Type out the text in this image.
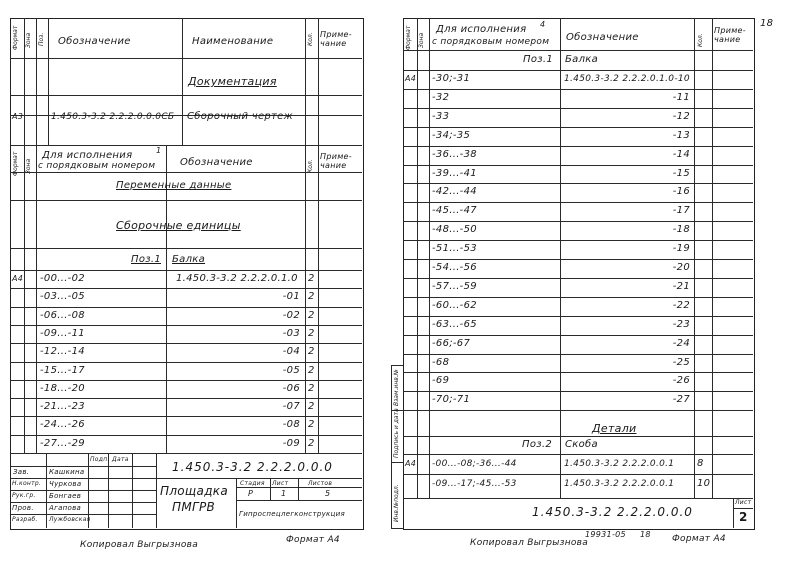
Формат Зона Поз. Обозначение	Наименование	Кол. Приме-
чание
Документация
А3	1.450.3-3.2 2.2.2.0.0.0СБ Сборочный чертеж
Формат Зона
Для исполнения	1
с порядковым номером Обозначение	Кол.
Приме-
чание
Переменные данные
Сборочные единицы
Поз.1 Балка
А4 -00...-02	1.450.3-3.2 2.2.2.0.1.0 2
-03...-05	-01 2
-06...-08	-02 2
-09...-11	-03 2
-12...-14	-04 2
-15...-17	-05 2
-18...-20	-06 2
-21...-23	-07 2
-24...-26	-08 2
-27...-29	-09 2
1.450.3-3.2 2.2.2.0.0.0
Стадия Лист	Листов
Р	1	5
Гипроспецлегконструкция
Площадка
ПМГРВ
Зав.	Кашкина
Н.контр. Чуркова
Рук.гр. Бонгаев
Пров. Агапова
Разраб. Лужбовская
Подп. Дата
Копировал Выгрызнова	Формат А4
18
Взам.инв.№
Подпись и дата
Инв.№подл.
Формат Зона
Для исполнения 4
с порядковым номером Обозначение	Кол.
Приме-
чание
Поз.1 Балка
А4 -30;-31	1.450.3-3.2 2.2.2.0.1.0-10
-32	-11
-33	-12
-34;-35	-13
-36...-38	-14
-39...-41	-15
-42...-44	-16
-45...-47	-17
-48...-50	-18
-51...-53	-19
-54...-56	-20
-57...-59	-21
-60...-62	-22
-63...-65	-23
-66;-67	-24
-68	-25
-69	-26
-70;-71	-27
Детали
Поз.2 Скоба
А4 -00...-08;-36...-44	1.450.3-3.2 2.2.2.0.0.1 8
-09...-17;-45...-53	1.450.3-3.2 2.2.2.0.0.1 10
1.450.3-3.2 2.2.2.0.0.0
Лист
2
19931-05 18
Копировал Выгрызнова	Формат А4
